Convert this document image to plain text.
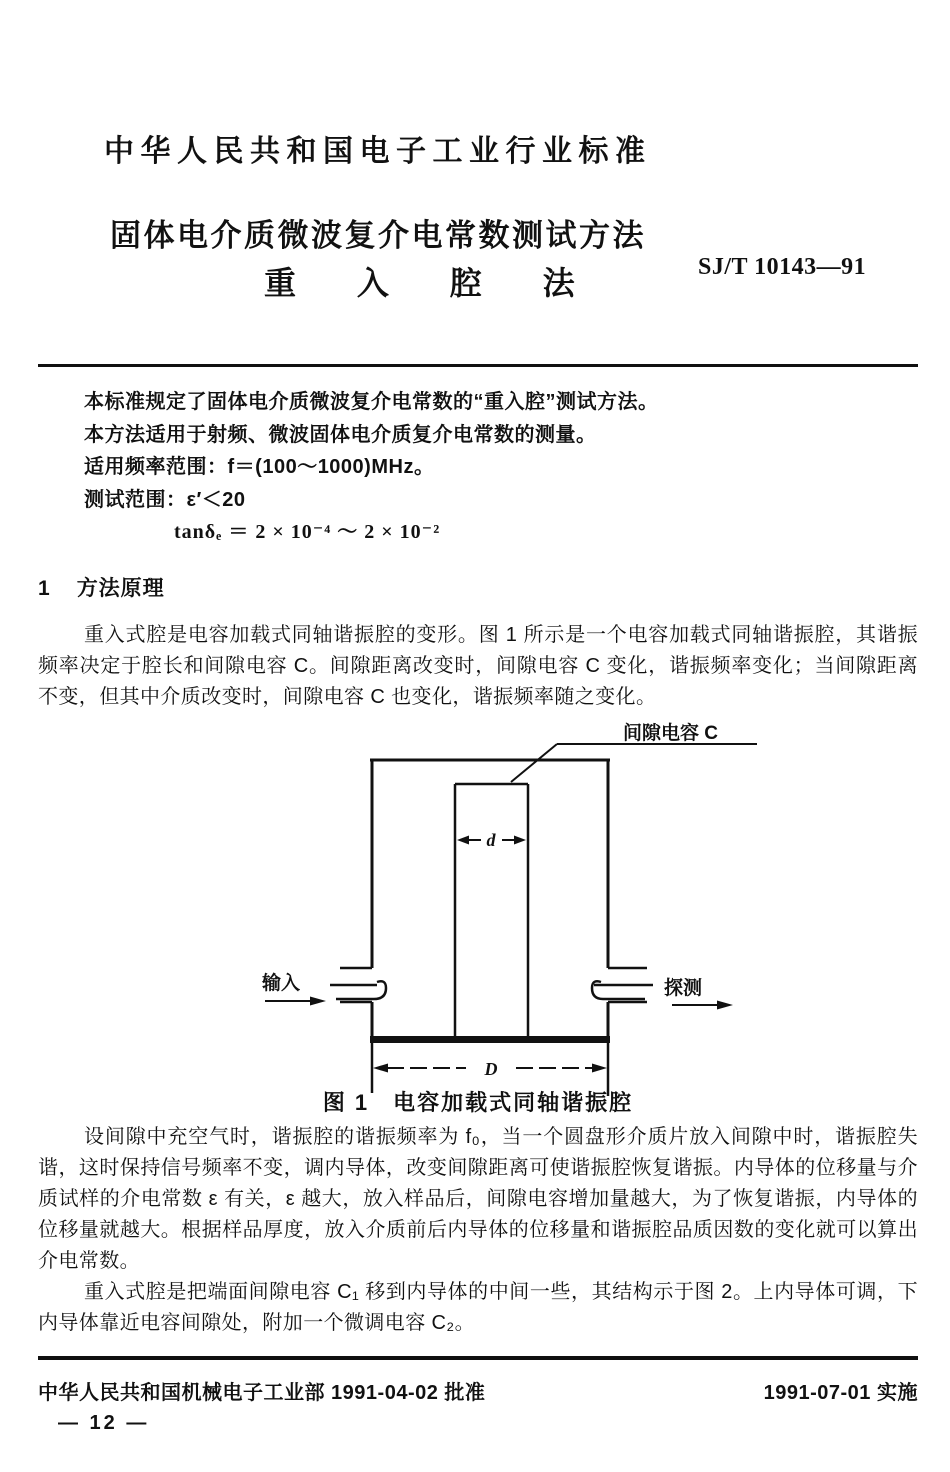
中华人民共和国电子工业行业标准
固体电介质微波复介电常数测试方法
重 入 腔 法	SJ/T 10143—91
本标准规定了固体电介质微波复介电常数的“重入腔”测试方法。
本方法适用于射频、微波固体电介质复介电常数的测量。
适用频率范围：f＝(100～1000)MHz。
测试范围：ε′＜20
tanδₑ ＝ 2 × 10⁻⁴ ～ 2 × 10⁻²
1 方法原理

重入式腔是电容加载式同轴谐振腔的变形。图 1 所示是一个电容加载式同轴谐振腔，其谐振频率决定于腔长和间隙电容 C。间隙距离改变时，间隙电容 C 变化，谐振频率变化；当间隙距离不变，但其中介质改变时，间隙电容 C 也变化，谐振频率随之变化。

间隙电容 C
d
输入	探测
D
图 1　电容加载式同轴谐振腔

设间隙中充空气时，谐振腔的谐振频率为 f₀，当一个圆盘形介质片放入间隙中时，谐振腔失谐，这时保持信号频率不变，调内导体，改变间隙距离可使谐振腔恢复谐振。内导体的位移量与介质试样的介电常数 ε 有关，ε 越大，放入样品后，间隙电容增加量越大，为了恢复谐振，内导体的位移量就越大。根据样品厚度，放入介质前后内导体的位移量和谐振腔品质因数的变化就可以算出介电常数。

重入式腔是把端面间隙电容 C₁ 移到内导体的中间一些，其结构示于图 2。上内导体可调，下内导体靠近电容间隙处，附加一个微调电容 C₂。

中华人民共和国机械电子工业部 1991-04-02 批准	1991-07-01 实施
— 12 —
